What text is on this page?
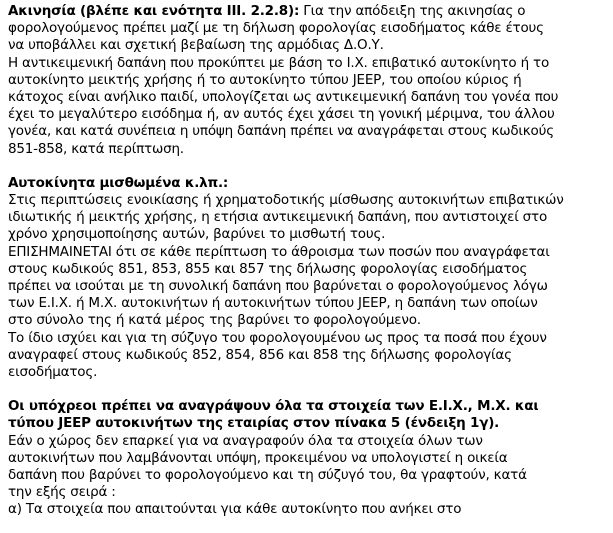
Ακινησία (βλέπε και ενότητα III. 2.2.8): Για την απόδειξη της ακινησίας ο
φορολογούμενος πρέπει μαζί με τη δήλωση φορολογίας εισοδήματος κάθε έτους
να υποβάλλει και σχετική βεβαίωση της αρμόδιας Δ.Ο.Υ.
Η αντικειμενική δαπάνη που προκύπτει με βάση το Ι.Χ. επιβατικό αυτοκίνητο ή το
αυτοκίνητο μεικτής χρήσης ή το αυτοκίνητο τύπου JEEP, του οποίου κύριος ή
κάτοχος είναι ανήλικο παιδί, υπολογίζεται ως αντικειμενική δαπάνη του γονέα που
έχει το μεγαλύτερο εισόδημα ή, αν αυτός έχει χάσει τη γονική μέριμνα, του άλλου
γονέα, και κατά συνέπεια η υπόψη δαπάνη πρέπει να αναγράφεται στους κωδικούς
851-858, κατά περίπτωση.
Αυτοκίνητα μισθωμένα κ.λπ.:
Στις περιπτώσεις ενοικίασης ή χρηματοδοτικής μίσθωσης αυτοκινήτων επιβατικών
ιδιωτικής ή μεικτής χρήσης, η ετήσια αντικειμενική δαπάνη, που αντιστοιχεί στο
χρόνο χρησιμοποίησης αυτών, βαρύνει το μισθωτή τους.
ΕΠΙΣΗΜΑΙΝΕΤΑΙ ότι σε κάθε περίπτωση το άθροισμα των ποσών που αναγράφεται
στους κωδικούς 851, 853, 855 και 857 της δήλωσης φορολογίας εισοδήματος
πρέπει να ισούται με τη συνολική δαπάνη που βαρύνεται ο φορολογούμενος λόγω
των Ε.Ι.Χ. ή Μ.Χ. αυτοκινήτων ή αυτοκινήτων τύπου JEEP, η δαπάνη των οποίων
στο σύνολο της ή κατά μέρος της βαρύνει το φορολογούμενο.
Το ίδιο ισχύει και για τη σύζυγο του φορολογουμένου ως προς τα ποσά που έχουν
αναγραφεί στους κωδικούς 852, 854, 856 και 858 της δήλωσης φορολογίας
εισοδήματος.
Οι υπόχρεοι πρέπει να αναγράψουν όλα τα στοιχεία των Ε.Ι.Χ., Μ.Χ. και
τύπου JEEP αυτοκινήτων της εταιρίας στον πίνακα 5 (ένδειξη 1γ).
Εάν ο χώρος δεν επαρκεί για να αναγραφούν όλα τα στοιχεία όλων των
αυτοκινήτων που λαμβάνονται υπόψη, προκειμένου να υπολογιστεί η οικεία
δαπάνη που βαρύνει το φορολογούμενο και τη σύζυγό του, θα γραφτούν, κατά
την εξής σειρά :
α) Τα στοιχεία που απαιτούνται για κάθε αυτοκίνητο που ανήκει στο
